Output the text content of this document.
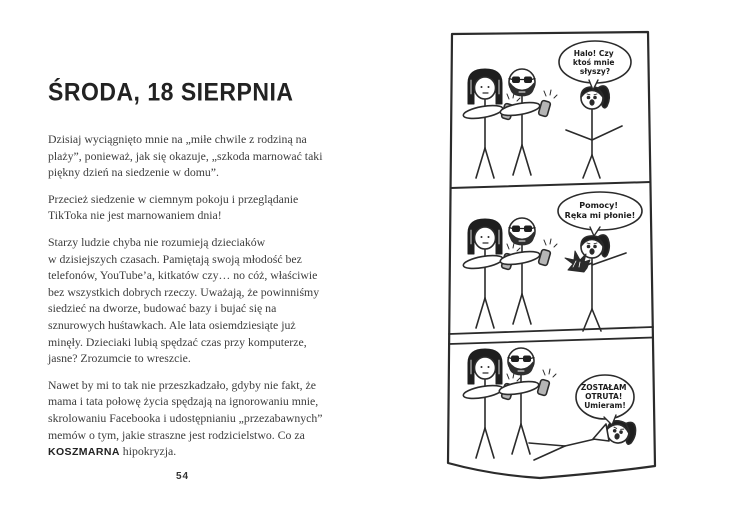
ŚRODA, 18 SIERPNIA
Dzisiaj wyciągnięto mnie na „miłe chwile z rodziną na
plaży”, ponieważ, jak się okazuje, „szkoda marnować taki
piękny dzień na siedzenie w domu”.
Przecież siedzenie w ciemnym pokoju i przeglądanie
TikToka nie jest marnowaniem dnia!
Starzy ludzie chyba nie rozumieją dzieciaków
w dzisiejszych czasach. Pamiętają swoją młodość bez
telefonów, YouTube’a, kitkatów czy… no cóż, właściwie
bez wszystkich dobrych rzeczy. Uważają, że powinniśmy
siedzieć na dworze, budować bazy i bujać się na
sznurowych huśtawkach. Ale lata osiemdziesiąte już
minęły. Dzieciaki lubią spędzać czas przy komputerze,
jasne? Zrozumcie to wreszcie.
Nawet by mi to tak nie przeszkadzało, gdyby nie fakt, że
mama i tata połowę życia spędzają na ignorowaniu mnie,
skrolowaniu Facebooka i udostępnianiu „przezabawnych”
memów o tym, jakie straszne jest rodzicielstwo. Co za
KOSZMARNA hipokryzja.
54
Halo! Czy ktoś mnie słyszy?
Pomocy! Ręka mi płonie!
ZOSTAŁAM OTRUTA! Umieram!
